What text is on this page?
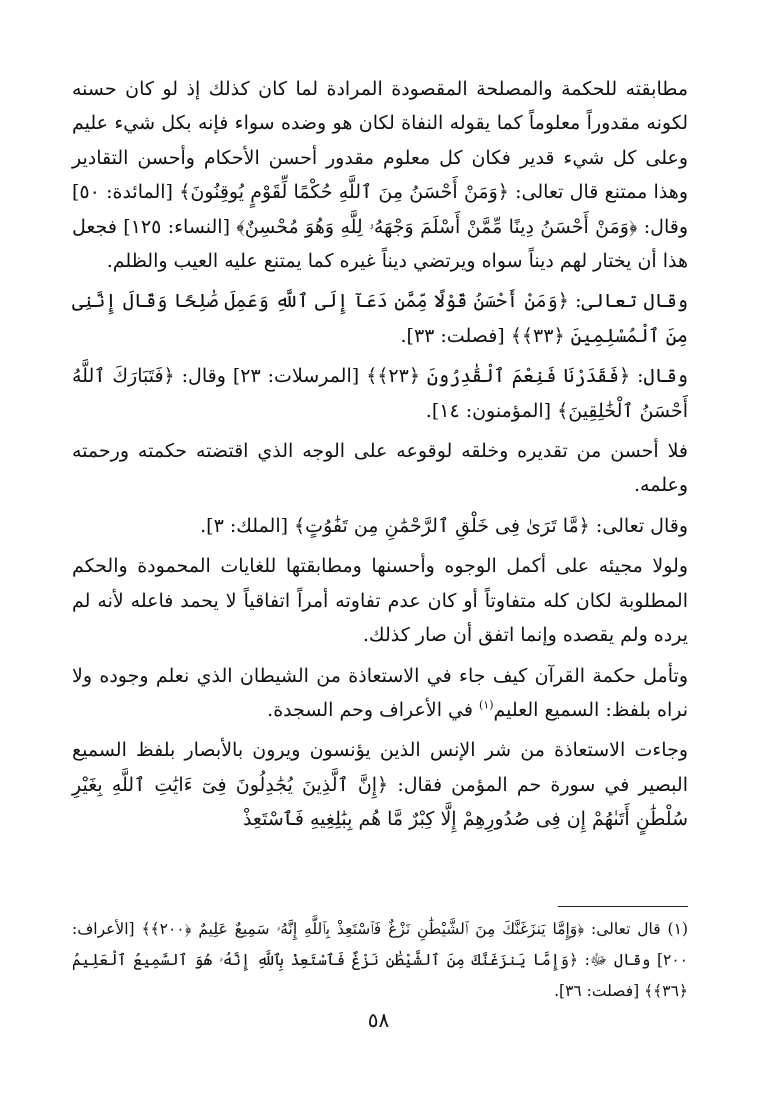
مطابقته للحكمة والمصلحة المقصودة المرادة لما كان كذلك إذ لو كان حسنه لكونه مقدوراً معلوماً كما يقوله النفاة لكان هو وضده سواء فإنه بكل شيء عليم وعلى كل شيء قدير فكان كل معلوم مقدور أحسن الأحكام وأحسن التقادير وهذا ممتنع قال تعالى: ﴿وَمَنْ أَحْسَنُ مِنَ ٱللَّهِ حُكْمًا لِّقَوْمٍ يُوقِنُونَ﴾ [المائدة: ٥٠] وقال: ﴿وَمَنْ أَحْسَنُ دِينًا مِّمَّنْ أَسْلَمَ وَجْهَهُۥ لِلَّهِ وَهُوَ مُحْسِنٌ﴾ [النساء: ١٢٥] فجعل هذا أن يختار لهم ديناً سواه ويرتضي ديناً غيره كما يمتنع عليه العيب والظلم.

وقال تعالى: ﴿وَمَنْ أَحْسَنُ قَوْلًا مِّمَّن دَعَآ إِلَى ٱللَّهِ وَعَمِلَ صَٰلِحًا وَقَالَ إِنَّنِى مِنَ ٱلْمُسْلِمِينَ ﴿٣٣﴾﴾ [فصلت: ٣٣].

وقال: ﴿فَقَدَرْنَا فَنِعْمَ ٱلْقَٰدِرُونَ ﴿٢٣﴾﴾ [المرسلات: ٢٣] وقال: ﴿فَتَبَارَكَ ٱللَّهُ أَحْسَنُ ٱلْخَٰلِقِينَ﴾ [المؤمنون: ١٤].

فلا أحسن من تقديره وخلقه لوقوعه على الوجه الذي اقتضته حكمته ورحمته وعلمه.

وقال تعالى: ﴿مَّا تَرَىٰ فِى خَلْقِ ٱلرَّحْمَٰنِ مِن تَفَٰوُتٍ﴾ [الملك: ٣].

ولولا مجيئه على أكمل الوجوه وأحسنها ومطابقتها للغايات المحمودة والحكم المطلوبة لكان كله متفاوتاً أو كان عدم تفاوته أمراً اتفاقياً لا يحمد فاعله لأنه لم يرده ولم يقصده وإنما اتفق أن صار كذلك.

وتأمل حكمة القرآن كيف جاء في الاستعاذة من الشيطان الذي نعلم وجوده ولا نراه بلفظ: السميع العليم$^{(١)}$ في الأعراف وحم السجدة.

وجاءت الاستعاذة من شر الإنس الذين يؤنسون ويرون بالأبصار بلفظ السميع البصير في سورة حم المؤمن فقال: ﴿إِنَّ ٱلَّذِينَ يُجَٰدِلُونَ فِىٓ ءَايَٰتِ ٱللَّهِ بِغَيْرِ سُلْطَٰنٍ أَتَىٰهُمْ إِن فِى صُدُورِهِمْ إِلَّا كِبْرٌ مَّا هُم بِبَٰلِغِيهِ فَٱسْتَعِذْ

(١) قال تعالى: ﴿وَإِمَّا يَنزَغَنَّكَ مِنَ ٱلشَّيْطَٰنِ نَزْغٌ فَٱسْتَعِذْ بِٱللَّهِ إِنَّهُۥ سَمِيعٌ عَلِيمٌ ﴿٢٠٠﴾﴾ [الأعراف: ٢٠٠] وقال ﷻ: ﴿وَإِمَّا يَنزَغَنَّكَ مِنَ ٱلشَّيْطَٰنِ نَزْغٌ فَٱسْتَعِذْ بِٱللَّهِ إِنَّهُۥ هُوَ ٱلسَّمِيعُ ٱلْعَلِيمُ ﴿٣٦﴾﴾ [فصلت: ٣٦].

٥٨
